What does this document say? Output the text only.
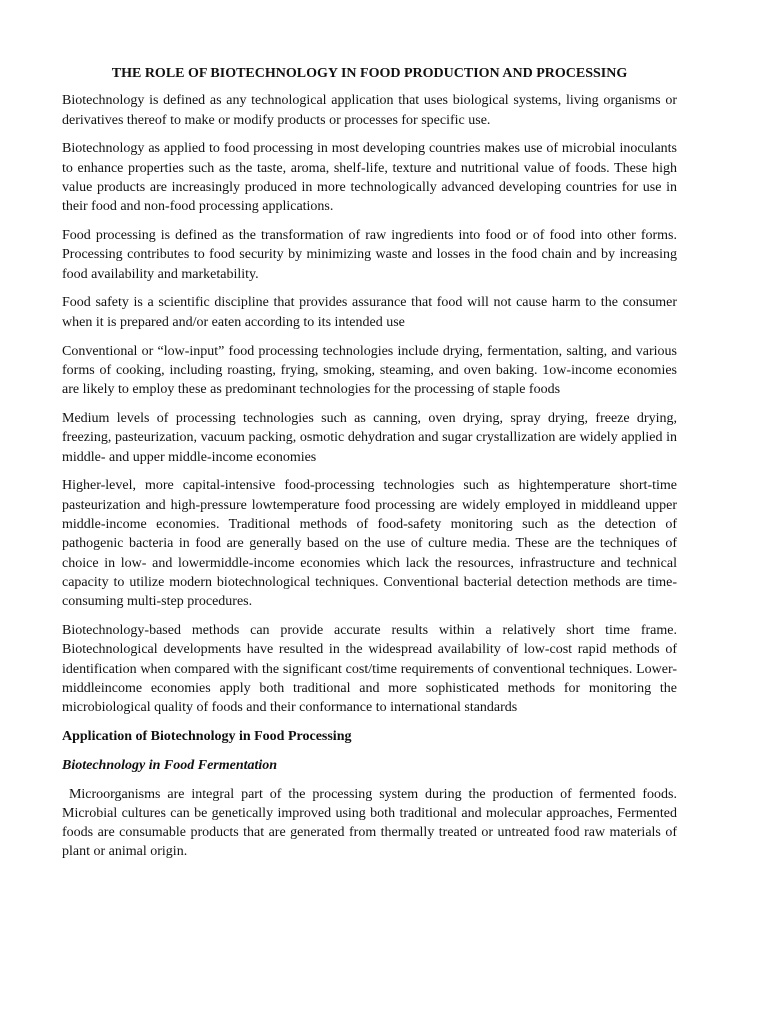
THE ROLE OF BIOTECHNOLOGY IN FOOD PRODUCTION AND PROCESSING

Biotechnology is defined as any technological application that uses biological systems, living organisms or derivatives thereof to make or modify products or processes for specific use.

Biotechnology as applied to food processing in most developing countries makes use of microbial inoculants to enhance properties such as the taste, aroma, shelf-life, texture and nutritional value of foods. These high value products are increasingly produced in more technologically advanced developing countries for use in their food and non-food processing applications.

Food processing is defined as the transformation of raw ingredients into food or of food into other forms. Processing contributes to food security by minimizing waste and losses in the food chain and by increasing food availability and marketability.

Food safety is a scientific discipline that provides assurance that food will not cause harm to the consumer when it is prepared and/or eaten according to its intended use

Conventional or “low-input” food processing technologies include drying, fermentation, salting, and various forms of cooking, including roasting, frying, smoking, steaming, and oven baking. 1ow-income economies are likely to employ these as predominant technologies for the processing of staple foods

Medium levels of processing technologies such as canning, oven drying, spray drying, freeze drying, freezing, pasteurization, vacuum packing, osmotic dehydration and sugar crystallization are widely applied in middle- and upper middle-income economies

Higher-level, more capital-intensive food-processing technologies such as hightemperature short-time pasteurization and high-pressure lowtemperature food processing are widely employed in middleand upper middle-income economies. Traditional methods of food-safety monitoring such as the detection of pathogenic bacteria in food are generally based on the use of culture media. These are the techniques of choice in low- and lowermiddle-income economies which lack the resources, infrastructure and technical capacity to utilize modern biotechnological techniques. Conventional bacterial detection methods are time-consuming multi-step procedures.

Biotechnology-based methods can provide accurate results within a relatively short time frame. Biotechnological developments have resulted in the widespread availability of low-cost rapid methods of identification when compared with the significant cost/time requirements of conventional techniques. Lower-middleincome economies apply both traditional and more sophisticated methods for monitoring the microbiological quality of foods and their conformance to international standards

Application of Biotechnology in Food Processing
Biotechnology in Food Fermentation

Microorganisms are integral part of the processing system during the production of fermented foods. Microbial cultures can be genetically improved using both traditional and molecular approaches, Fermented foods are consumable products that are generated from thermally treated or untreated food raw materials of plant or animal origin.
